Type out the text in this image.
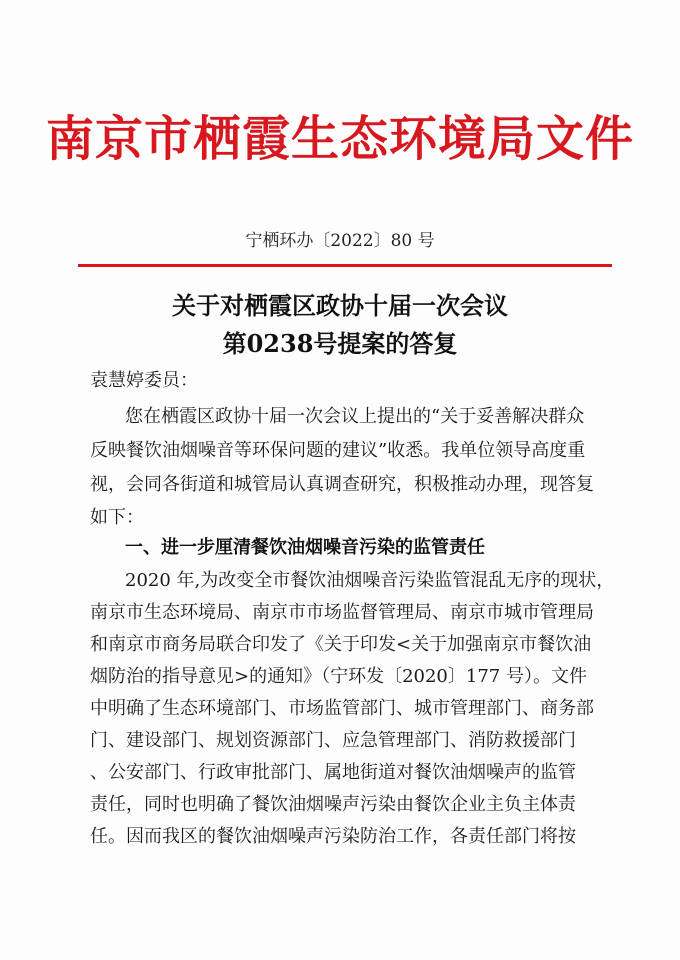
南京市栖霞生态环境局文件
宁栖环办〔2022〕80 号
关于对栖霞区政协十届一次会议
第0238号提案的答复
袁慧婷委员：
您在栖霞区政协十届一次会议上提出的“关于妥善解决群众
反映餐饮油烟噪音等环保问题的建议”收悉。我单位领导高度重
视，会同各街道和城管局认真调查研究，积极推动办理，现答复
如下：
一、进一步厘清餐饮油烟噪音污染的监管责任
2020 年,为改变全市餐饮油烟噪音污染监管混乱无序的现状，
南京市生态环境局、南京市市场监督管理局、南京市城市管理局
和南京市商务局联合印发了《关于印发<关于加强南京市餐饮油
烟防治的指导意见>的通知》（宁环发〔2020〕177 号）。文件
中明确了生态环境部门、市场监管部门、城市管理部门、商务部
门、建设部门、规划资源部门、应急管理部门、消防救援部门
、公安部门、行政审批部门、属地街道对餐饮油烟噪声的监管
责任，同时也明确了餐饮油烟噪声污染由餐饮企业主负主体责
任。因而我区的餐饮油烟噪声污染防治工作，各责任部门将按
